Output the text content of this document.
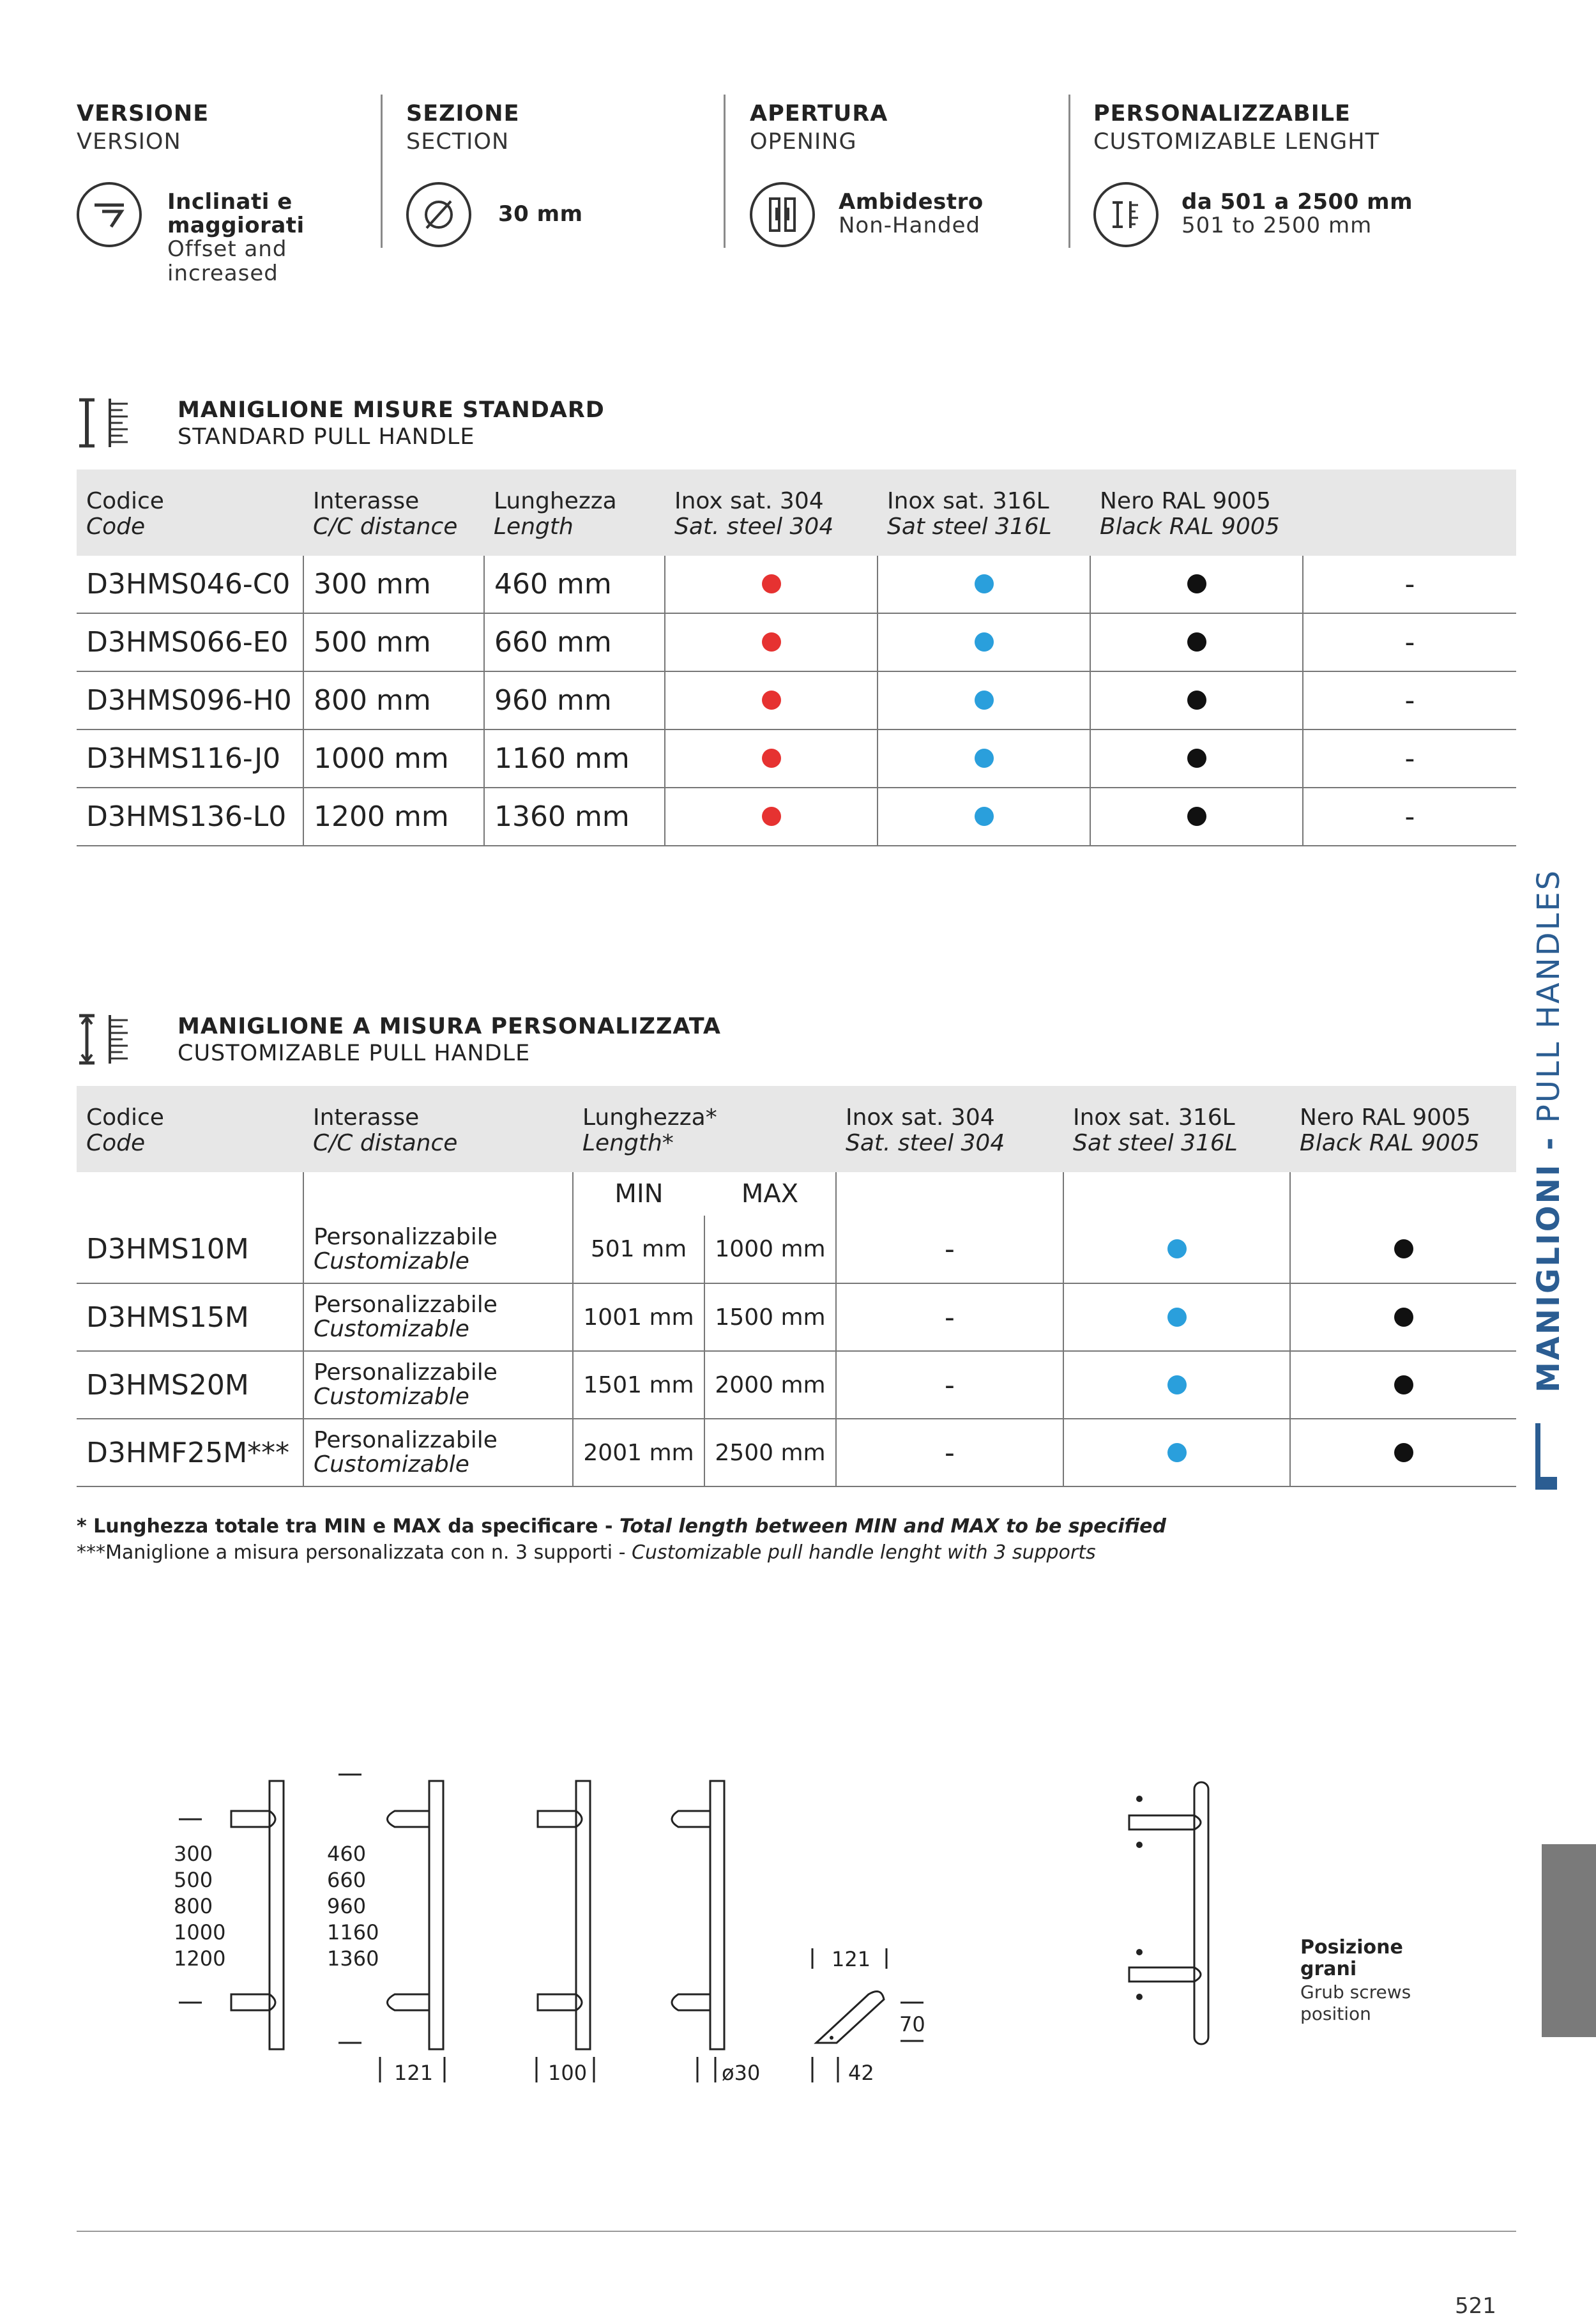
VERSIONE
VERSION
Inclinati e
maggiorati
Offset and
increased
SEZIONE
SECTION
30 mm
APERTURA
OPENING
Ambidestro
Non-Handed
PERSONALIZZABILE
CUSTOMIZABLE LENGHT
da 501 a 2500 mm
501 to 2500 mm
MANIGLIONE MISURE STANDARD
STANDARD PULL HANDLE
Codice
Code	Interasse
C/C distance	Lunghezza
Length	Inox sat. 304
Sat. steel 304	Inox sat. 316L
Sat steel 316L	Nero RAL 9005
Black RAL 9005	

D3HMS046-C0	300 mm	460 mm				-
D3HMS066-E0	500 mm	660 mm				-
D3HMS096-H0	800 mm	960 mm				-
D3HMS116-J0	1000 mm	1160 mm				-
D3HMS136-L0	1200 mm	1360 mm				-
MANIGLIONE A MISURA PERSONALIZZATA
CUSTOMIZABLE PULL HANDLE
Codice
Code	Interasse
C/C distance	Lunghezza*
Length*		Inox sat. 304
Sat. steel 304	Inox sat. 316L
Sat steel 316L	Nero RAL 9005
Black RAL 9005

		MIN	MAX			
D3HMS10M	Personalizzabile
Customizable	501 mm	1000 mm	-		
D3HMS15M	Personalizzabile
Customizable	1001 mm	1500 mm	-		
D3HMS20M	Personalizzabile
Customizable	1501 mm	2000 mm	-		
D3HMF25M***	Personalizzabile
Customizable	2001 mm	2500 mm	-		
* Lunghezza totale tra MIN e MAX da specificare - Total length between MIN and MAX to be specified
***Maniglione a misura personalizzata con n. 3 supporti - Customizable pull handle lenght with 3 supports
300
500
800
1000
1200
460
660
960
1160
1360
121	100	ø30
121
70
42
Posizione
grani
Grub screws
position
MANIGLIONI - PULL HANDLES
521
